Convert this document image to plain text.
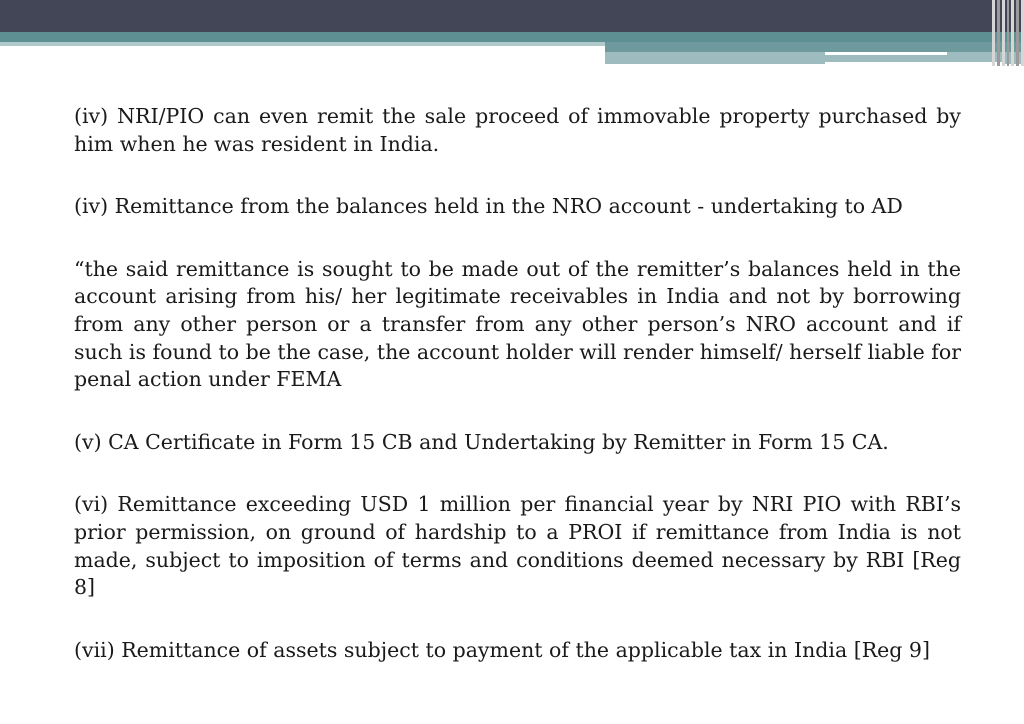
(iv) NRI/PIO can even remit the sale proceed of immovable property purchased by him when he was resident in India.

(iv) Remittance from the balances held in the NRO account - undertaking to AD

“the said remittance is sought to be made out of the remitter’s balances held in the account arising from his/ her legitimate receivables in India and not by borrowing from any other person or a transfer from any other person’s NRO account and if such is found to be the case, the account holder will render himself/ herself liable for penal action under FEMA

(v) CA Certificate in Form 15 CB and Undertaking by Remitter in Form 15 CA.

(vi) Remittance exceeding USD 1 million per financial year by NRI PIO with RBI’s prior permission, on ground of hardship to a PROI if remittance from India is not made, subject to imposition of terms and conditions deemed necessary by RBI [Reg 8]

(vii) Remittance of assets subject to payment of the applicable tax in India [Reg 9]
